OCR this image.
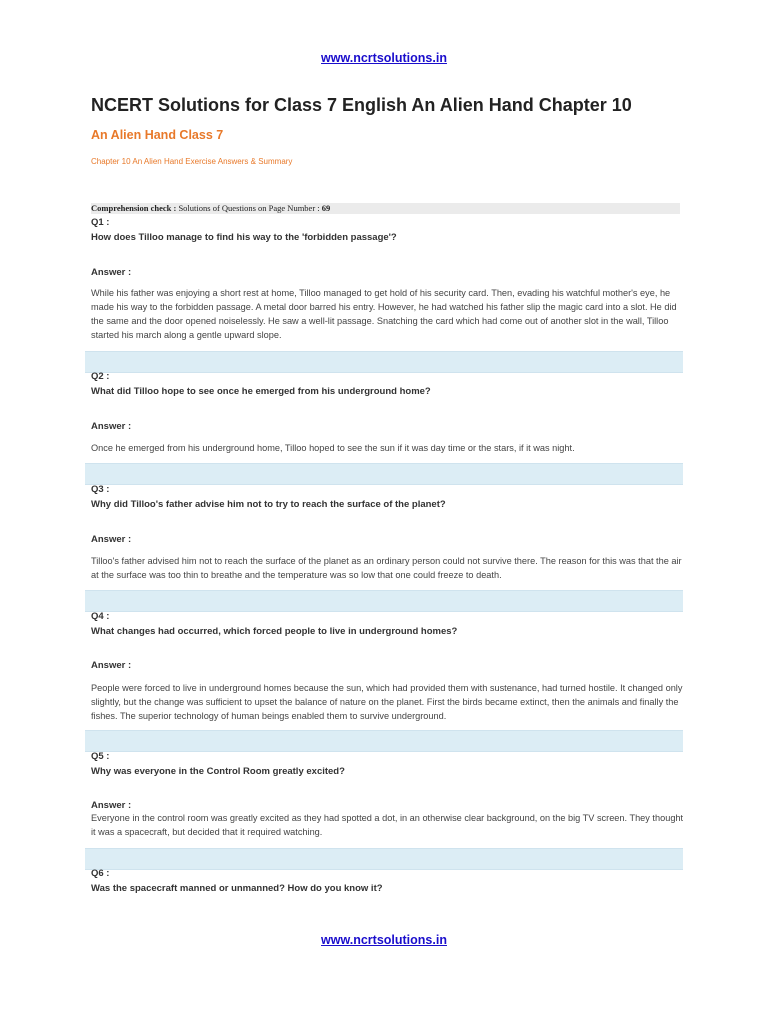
www.ncrtsolutions.in
NCERT Solutions for Class 7 English An Alien Hand Chapter 10
An Alien Hand Class 7
Chapter 10 An Alien Hand Exercise Answers & Summary
Comprehension check : Solutions of Questions on Page Number : 69
Q1 :
How does Tilloo manage to find his way to the 'forbidden passage'?
Answer :
While his father was enjoying a short rest at home, Tilloo managed to get hold of his security card. Then, evading his watchful mother's eye, he made his way to the forbidden passage. A metal door barred his entry. However, he had watched his father slip the magic card into a slot. He did the same and the door opened noiselessly. He saw a well-lit passage. Snatching the card which had come out of another slot in the wall, Tilloo started his march along a gentle upward slope.
Q2 :
What did Tilloo hope to see once he emerged from his underground home?
Answer :
Once he emerged from his underground home, Tilloo hoped to see the sun if it was day time or the stars, if it was night.
Q3 :
Why did Tilloo's father advise him not to try to reach the surface of the planet?
Answer :
Tilloo's father advised him not to reach the surface of the planet as an ordinary person could not survive there. The reason for this was that the air at the surface was too thin to breathe and the temperature was so low that one could freeze to death.
Q4 :
What changes had occurred, which forced people to live in underground homes?
Answer :
People were forced to live in underground homes because the sun, which had provided them with sustenance, had turned hostile. It changed only slightly, but the change was sufficient to upset the balance of nature on the planet. First the birds became extinct, then the animals and finally the fishes. The superior technology of human beings enabled them to survive underground.
Q5 :
Why was everyone in the Control Room greatly excited?
Answer :
Everyone in the control room was greatly excited as they had spotted a dot, in an otherwise clear background, on the big TV screen. They thought it was a spacecraft, but decided that it required watching.
Q6 :
Was the spacecraft manned or unmanned? How do you know it?
www.ncrtsolutions.in
